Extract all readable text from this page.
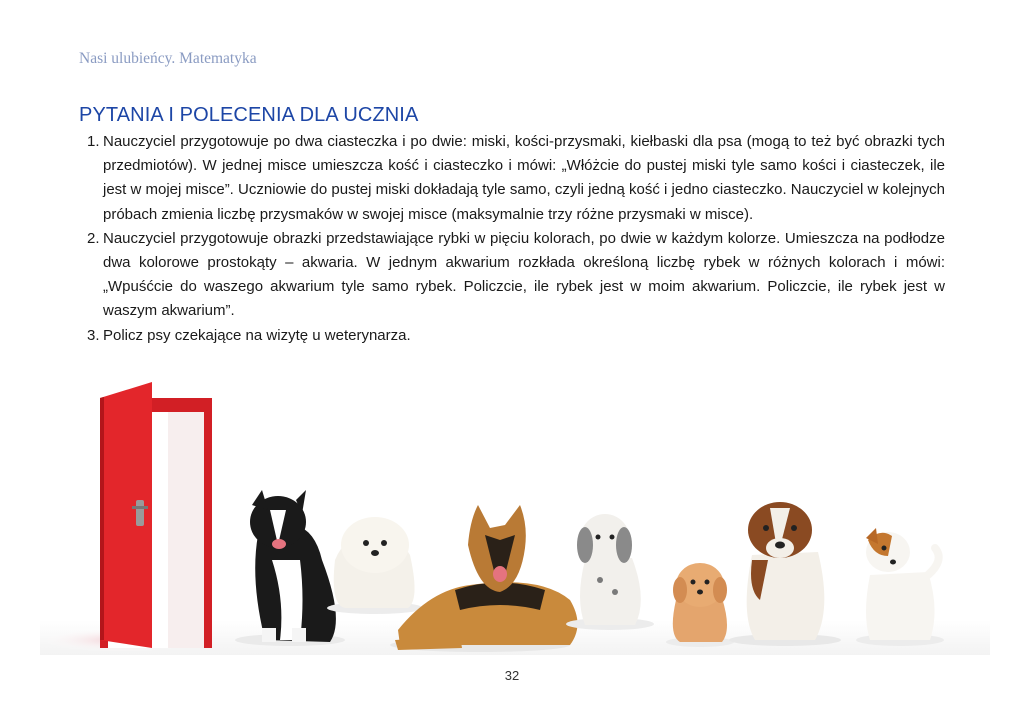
Nasi ulubieńcy. Matematyka
PYTANIA I POLECENIA DLA UCZNIA
1. Nauczyciel przygotowuje po dwa ciasteczka i po dwie: miski, kości-przysmaki, kiełbaski dla psa (mogą to też być obrazki tych przedmiotów). W jednej misce umieszcza kość i ciasteczko i mówi: „Włóżcie do pustej miski tyle samo kości i ciasteczek, ile jest w mojej misce”. Uczniowie do pustej miski dokładają tyle samo, czyli jedną kość i jedno ciasteczko. Nauczyciel w kolejnych próbach zmienia liczbę przysmaków w swojej misce (maksymalnie trzy różne przysmaki w misce).
2. Nauczyciel przygotowuje obrazki przedstawiające rybki w pięciu kolorach, po dwie w każdym kolorze. Umieszcza na podłodze dwa kolorowe prostokąty – akwaria. W jednym akwarium rozkłada określoną liczbę rybek w różnych kolorach i mówi: „Wpuśćcie do waszego akwarium tyle samo rybek. Policzcie, ile rybek jest w moim akwarium. Policzcie, ile rybek jest w waszym akwarium”.
3. Policz psy czekające na wizytę u weterynarza.
32
